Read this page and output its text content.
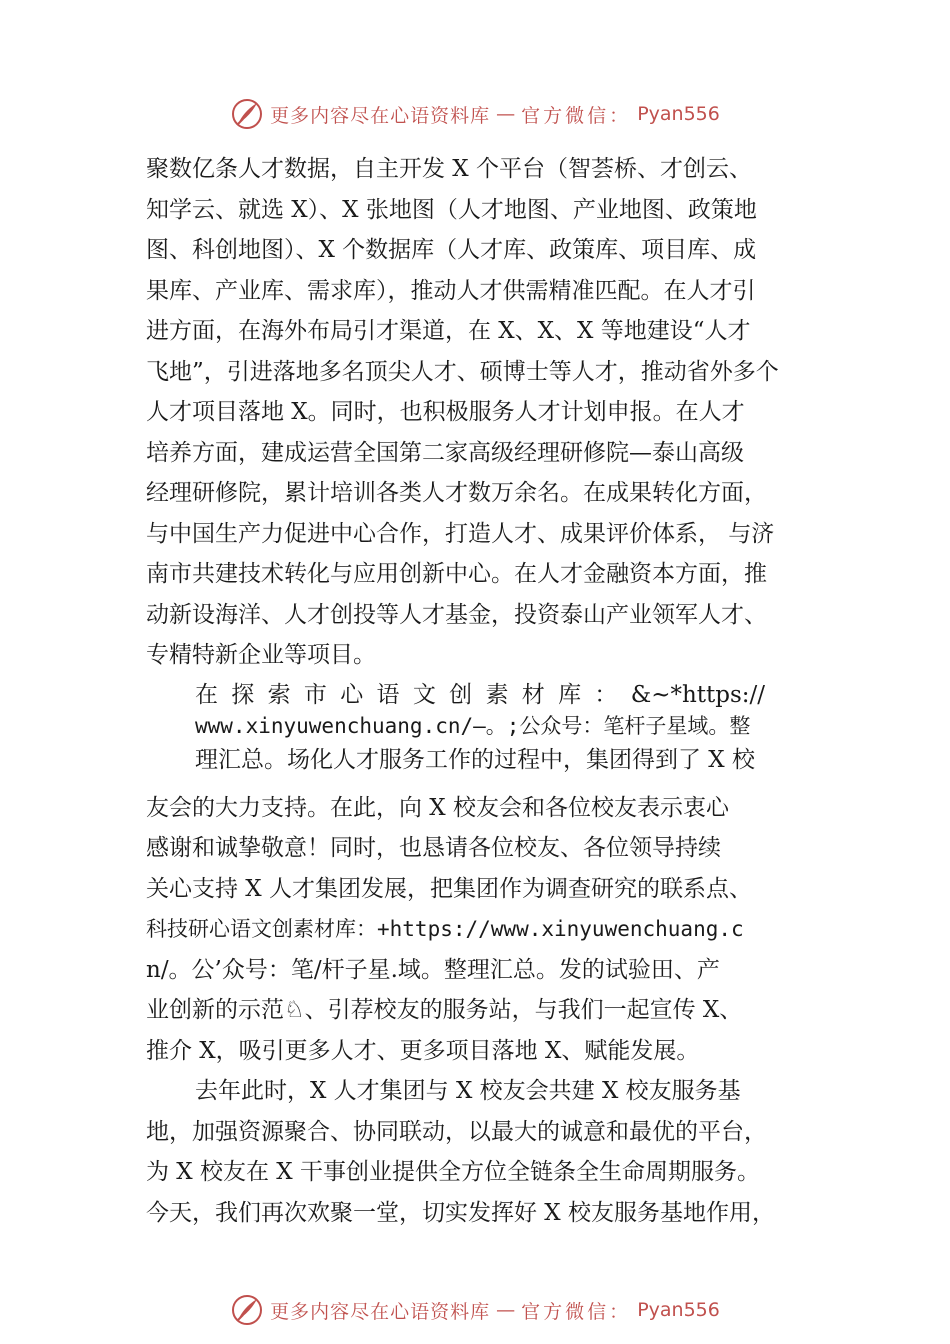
更多内容尽在心语资料库 — 官方微信： Pyan556
聚数亿条人才数据，自主开发 X 个平台（智荟桥、才创云、
知学云、就选 X）、X 张地图（人才地图、产业地图、政策地
图、科创地图）、X 个数据库（人才库、政策库、项目库、成
果库、产业库、需求库），推动人才供需精准匹配。在人才引
进方面，在海外布局引才渠道，在 X、X、X 等地建设“人才
飞地”，引进落地多名顶尖人才、硕博士等人才，推动省外多个
人才项目落地 X。同时，也积极服务人才计划申报。在人才
培养方面，建成运营全国第二家高级经理研修院—泰山高级
经理研修院，累计培训各类人才数万余名。在成果转化方面，
与中国生产力促进中心合作，打造人才、成果评价体系， 与济
南市共建技术转化与应用创新中心。在人才金融资本方面，推
动新设海洋、人才创投等人才基金，投资泰山产业领军人才、
专精特新企业等项目。
在 探 索 市 心 语 文 创 素 材 库 ： &~*https://
www.xinyuwenchuang.cn/—。;公众号：笔杆子星域。整
理汇总。场化人才服务工作的过程中，集团得到了 X 校
友会的大力支持。在此，向 X 校友会和各位校友表示衷心
感谢和诚挚敬意！同时，也恳请各位校友、各位领导持续
关心支持 X 人才集团发展，把集团作为调查研究的联系点、
科技研心语文创素材库：+https://www.xinyuwenchuang.c
n/。公’众号：笔/杆子星.域。整理汇总。发的试验田、产
业创新的示范♘、引荐校友的服务站，与我们一起宣传 X、
推介 X，吸引更多人才、更多项目落地 X、赋能发展。
去年此时，X 人才集团与 X 校友会共建 X 校友服务基
地，加强资源聚合、协同联动，以最大的诚意和最优的平台，
为 X 校友在 X 干事创业提供全方位全链条全生命周期服务。
今天，我们再次欢聚一堂，切实发挥好 X 校友服务基地作用，
更多内容尽在心语资料库 — 官方微信： Pyan556
